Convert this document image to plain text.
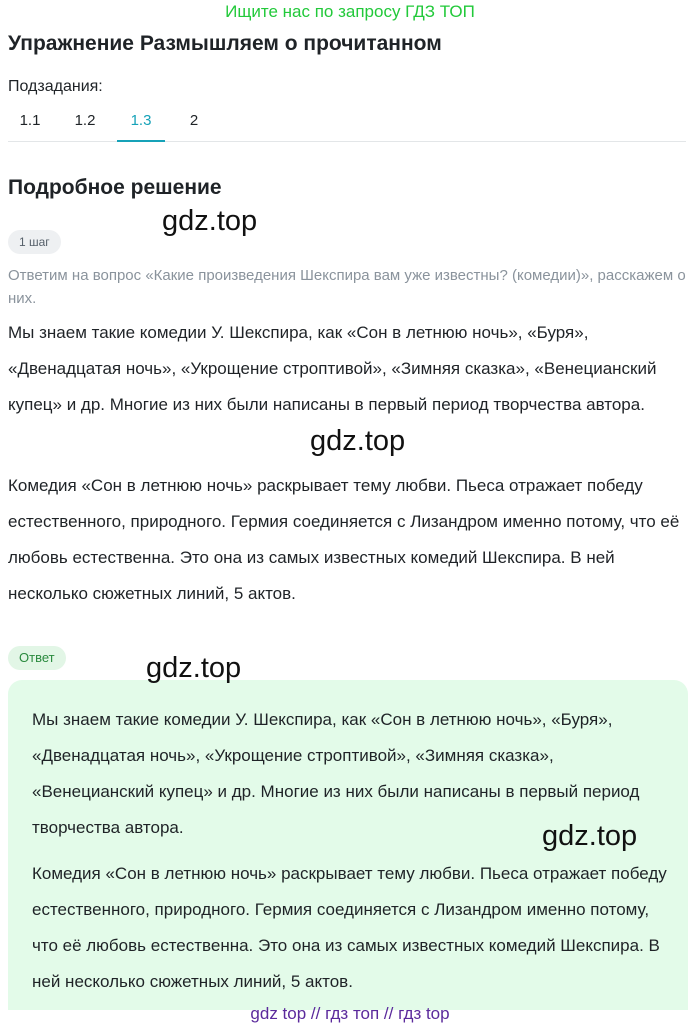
Ищите нас по запросу ГДЗ ТОП
Упражнение Размышляем о прочитанном
Подзадания:
1.1	1.2	1.3	2
Подробное решение
gdz.top
1 шаг
Ответим на вопрос «Какие произведения Шекспира вам уже известны? (комедии)», расскажем о них.

Мы знаем такие комедии У. Шекспира, как «Сон в летнюю ночь», «Буря», «Двенадцатая ночь», «Укрощение строптивой», «Зимняя сказка», «Венецианский купец» и др. Многие из них были написаны в первый период творчества автора.

gdz.top

Комедия «Сон в летнюю ночь» раскрывает тему любви. Пьеса отражает победу естественного, природного. Гермия соединяется с Лизандром именно потому, что её любовь естественна. Это она из самых известных комедий Шекспира. В ней несколько сюжетных линий, 5 актов.

Ответ

Мы знаем такие комедии У. Шекспира, как «Сон в летнюю ночь», «Буря», «Двенадцатая ночь», «Укрощение строптивой», «Зимняя сказка», «Венецианский купец» и др. Многие из них были написаны в первый период творчества автора.

Комедия «Сон в летнюю ночь» раскрывает тему любви. Пьеса отражает победу естественного, природного. Гермия соединяется с Лизандром именно потому, что её любовь естественна. Это она из самых известных комедий Шекспира. В ней несколько сюжетных линий, 5 актов.

gdz.top
gdz.top
gdz top // гдз топ // гдз top
